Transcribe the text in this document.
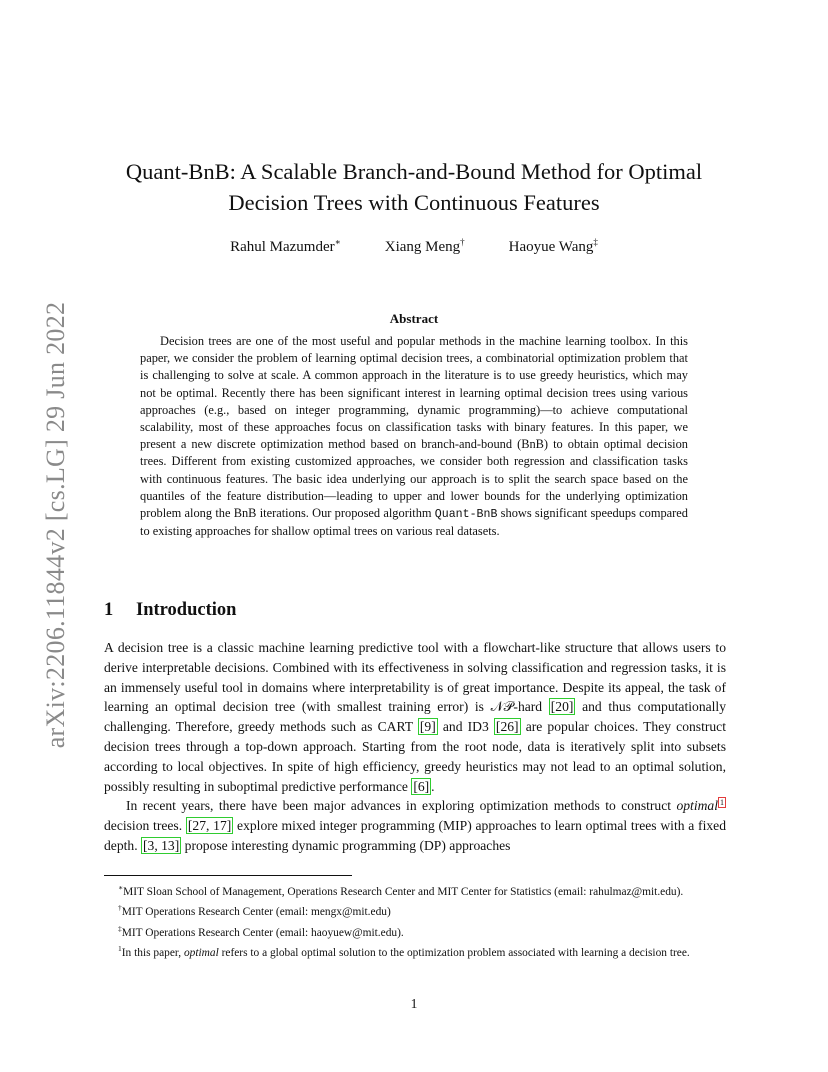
arXiv:2206.11844v2 [cs.LG] 29 Jun 2022
Quant-BnB: A Scalable Branch-and-Bound Method for Optimal
Decision Trees with Continuous Features
Rahul Mazumder∗	Xiang Meng†	Haoyue Wang‡
Abstract

Decision trees are one of the most useful and popular methods in the machine learning toolbox. In this paper, we consider the problem of learning optimal decision trees, a combinatorial optimization problem that is challenging to solve at scale. A common approach in the literature is to use greedy heuristics, which may not be optimal. Recently there has been significant interest in learning optimal decision trees using various approaches (e.g., based on integer programming, dynamic programming)—to achieve computational scalability, most of these approaches focus on classification tasks with binary features. In this paper, we present a new discrete optimization method based on branch-and-bound (BnB) to obtain optimal decision trees. Different from existing customized approaches, we consider both regression and classification tasks with continuous features. The basic idea underlying our approach is to split the search space based on the quantiles of the feature distribution—leading to upper and lower bounds for the underlying optimization problem along the BnB iterations. Our proposed algorithm Quant-BnB shows significant speedups compared to existing approaches for shallow optimal trees on various real datasets.

1 Introduction

A decision tree is a classic machine learning predictive tool with a flowchart-like structure that allows users to derive interpretable decisions. Combined with its effectiveness in solving classification and regression tasks, it is an immensely useful tool in domains where interpretability is of great importance. Despite its appeal, the task of learning an optimal decision tree (with smallest training error) is 𝒩𝒫-hard [20] and thus computationally challenging. Therefore, greedy methods such as CART [9] and ID3 [26] are popular choices. They construct decision trees through a top-down approach. Starting from the root node, data is iteratively split into subsets according to local objectives. In spite of high efficiency, greedy heuristics may not lead to an optimal solution, possibly resulting in suboptimal predictive performance [6] .

In recent years, there have been major advances in exploring optimization methods to construct optimal $^1$ decision trees. [27, 17] explore mixed integer programming (MIP) approaches to learn optimal trees with a fixed depth. [3, 13] propose interesting dynamic programming (DP) approaches

∗MIT Sloan School of Management, Operations Research Center and MIT Center for Statistics (email: rahulmaz@mit.edu).

†MIT Operations Research Center (email: mengx@mit.edu)

‡MIT Operations Research Center (email: haoyuew@mit.edu).

$^1$In this paper, optimal refers to a global optimal solution to the optimization problem associated with learning a decision tree.

1
